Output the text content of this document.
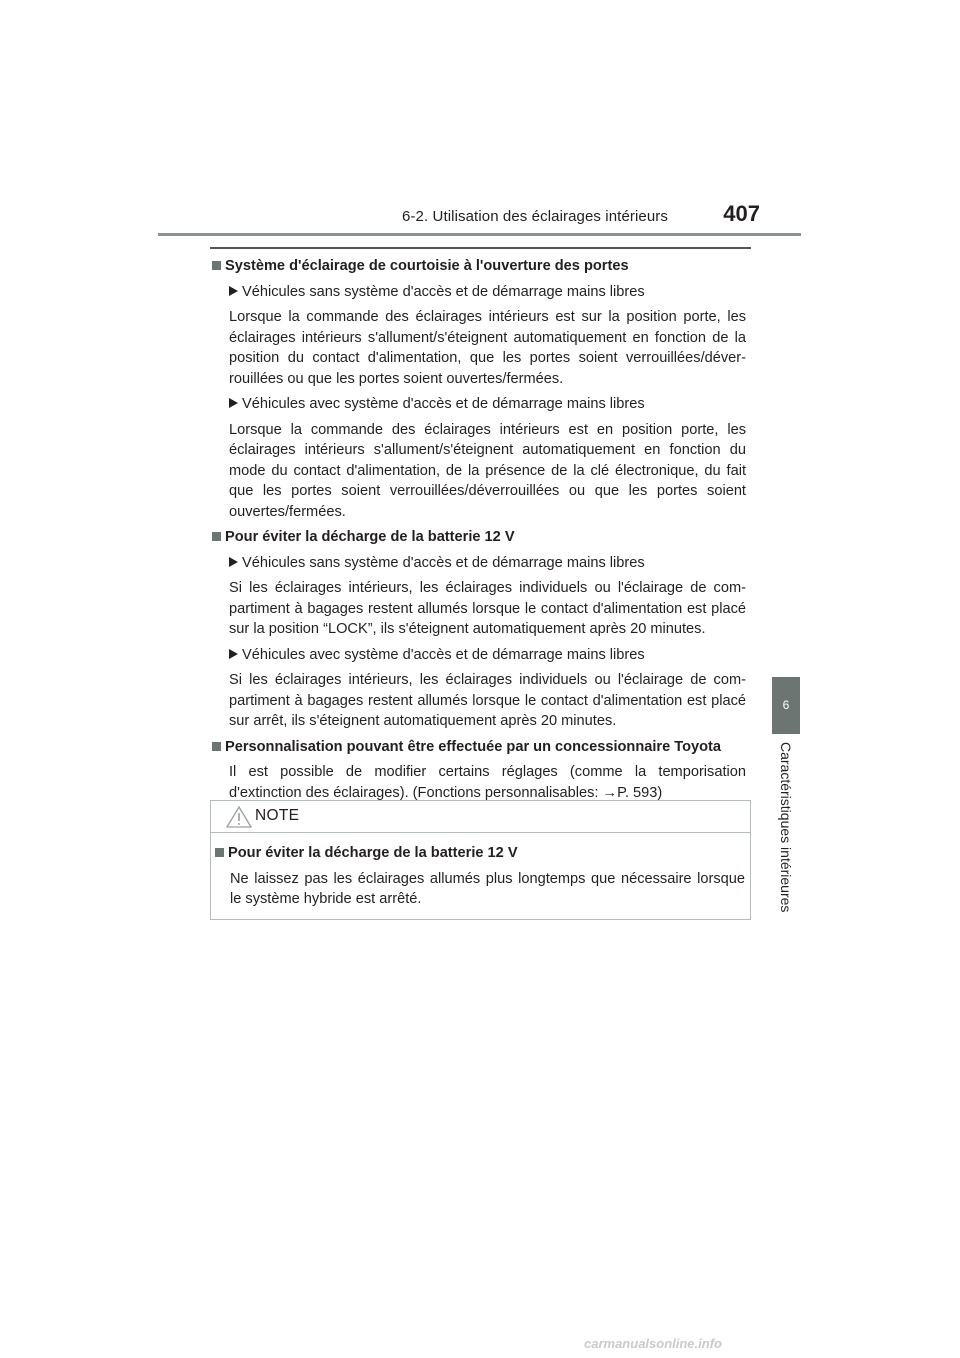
6-2. Utilisation des éclairages intérieurs	407
6
Caractéristiques intérieures
Système d'éclairage de courtoisie à l'ouverture des portes
Véhicules sans système d'accès et de démarrage mains libres
Lorsque la commande des éclairages intérieurs est sur la position porte, les éclairages intérieurs s'allument/s'éteignent automatiquement en fonction de la position du contact d'alimentation, que les portes soient verrouillées/déver-rouillées ou que les portes soient ouvertes/fermées.
Véhicules avec système d'accès et de démarrage mains libres
Lorsque la commande des éclairages intérieurs est en position porte, les éclairages intérieurs s'allument/s'éteignent automatiquement en fonction du mode du contact d'alimentation, de la présence de la clé électronique, du fait que les portes soient verrouillées/déverrouillées ou que les portes soient ouvertes/fermées.
Pour éviter la décharge de la batterie 12 V
Véhicules sans système d'accès et de démarrage mains libres
Si les éclairages intérieurs, les éclairages individuels ou l'éclairage de com-partiment à bagages restent allumés lorsque le contact d'alimentation est placé sur la position “LOCK”, ils s'éteignent automatiquement après 20 minutes.
Véhicules avec système d'accès et de démarrage mains libres
Si les éclairages intérieurs, les éclairages individuels ou l'éclairage de com-partiment à bagages restent allumés lorsque le contact d'alimentation est placé sur arrêt, ils s'éteignent automatiquement après 20 minutes.
Personnalisation pouvant être effectuée par un concessionnaire Toyota
Il est possible de modifier certains réglages (comme la temporisation d'extinction des éclairages). (Fonctions personnalisables: →P. 593)
NOTE
Pour éviter la décharge de la batterie 12 V
Ne laissez pas les éclairages allumés plus longtemps que nécessaire lorsque le système hybride est arrêté.
carmanualsonline.info
